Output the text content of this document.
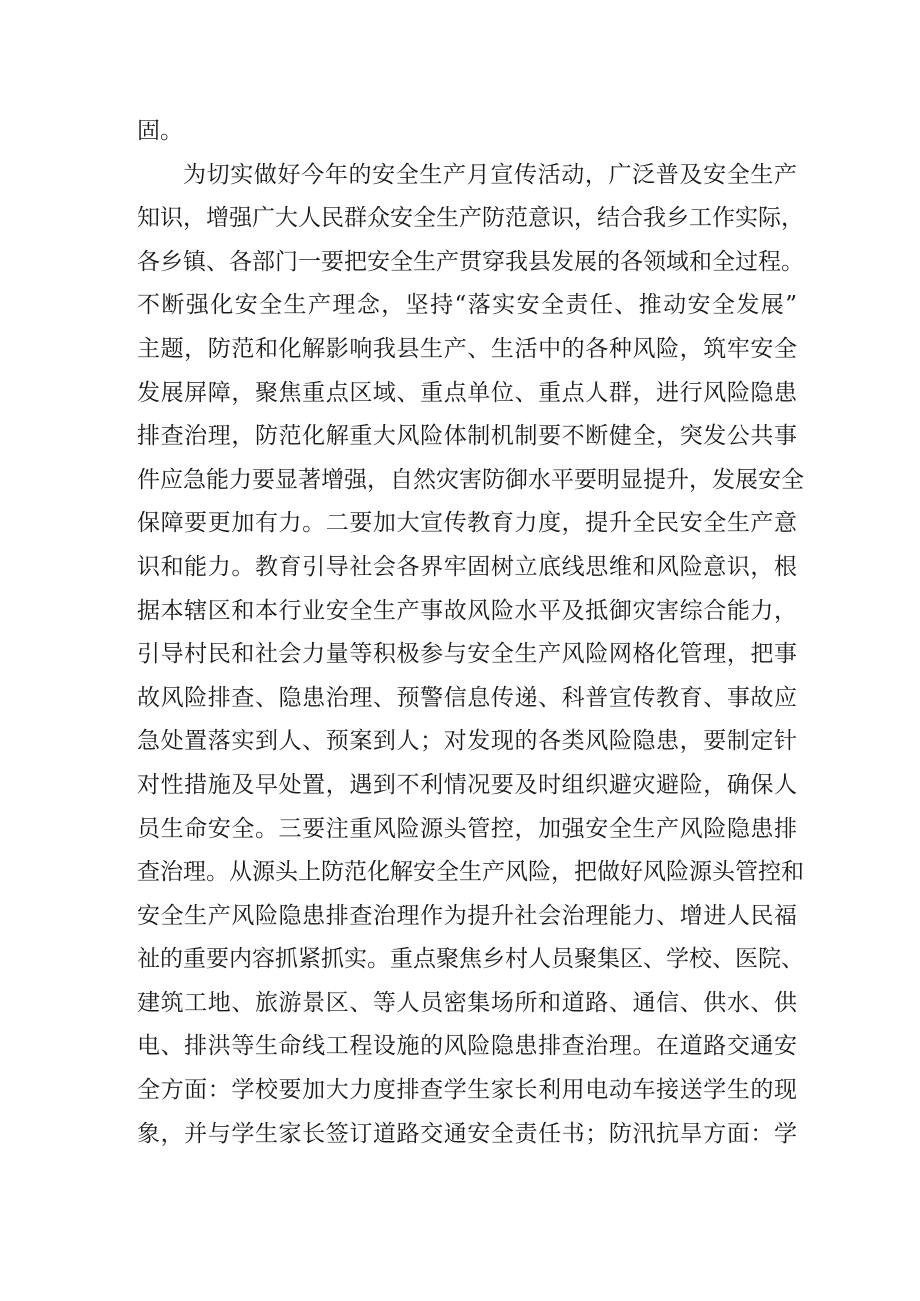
固。
为切实做好今年的安全生产月宣传活动，广泛普及安全生产
知识，增强广大人民群众安全生产防范意识，结合我乡工作实际，
各乡镇、各部门一要把安全生产贯穿我县发展的各领域和全过程。
不断强化安全生产理念，坚持“落实安全责任、推动安全发展”
主题，防范和化解影响我县生产、生活中的各种风险，筑牢安全
发展屏障，聚焦重点区域、重点单位、重点人群，进行风险隐患
排查治理，防范化解重大风险体制机制要不断健全，突发公共事
件应急能力要显著增强，自然灾害防御水平要明显提升，发展安全
保障要更加有力。二要加大宣传教育力度，提升全民安全生产意
识和能力。教育引导社会各界牢固树立底线思维和风险意识，根
据本辖区和本行业安全生产事故风险水平及抵御灾害综合能力，
引导村民和社会力量等积极参与安全生产风险网格化管理，把事
故风险排查、隐患治理、预警信息传递、科普宣传教育、事故应
急处置落实到人、预案到人；对发现的各类风险隐患，要制定针
对性措施及早处置，遇到不利情况要及时组织避灾避险，确保人
员生命安全。三要注重风险源头管控，加强安全生产风险隐患排
查治理。从源头上防范化解安全生产风险，把做好风险源头管控和
安全生产风险隐患排查治理作为提升社会治理能力、增进人民福
祉的重要内容抓紧抓实。重点聚焦乡村人员聚集区、学校、医院、
建筑工地、旅游景区、等人员密集场所和道路、通信、供水、供
电、排洪等生命线工程设施的风险隐患排查治理。在道路交通安
全方面：学校要加大力度排查学生家长利用电动车接送学生的现
象，并与学生家长签订道路交通安全责任书；防汛抗旱方面：学
